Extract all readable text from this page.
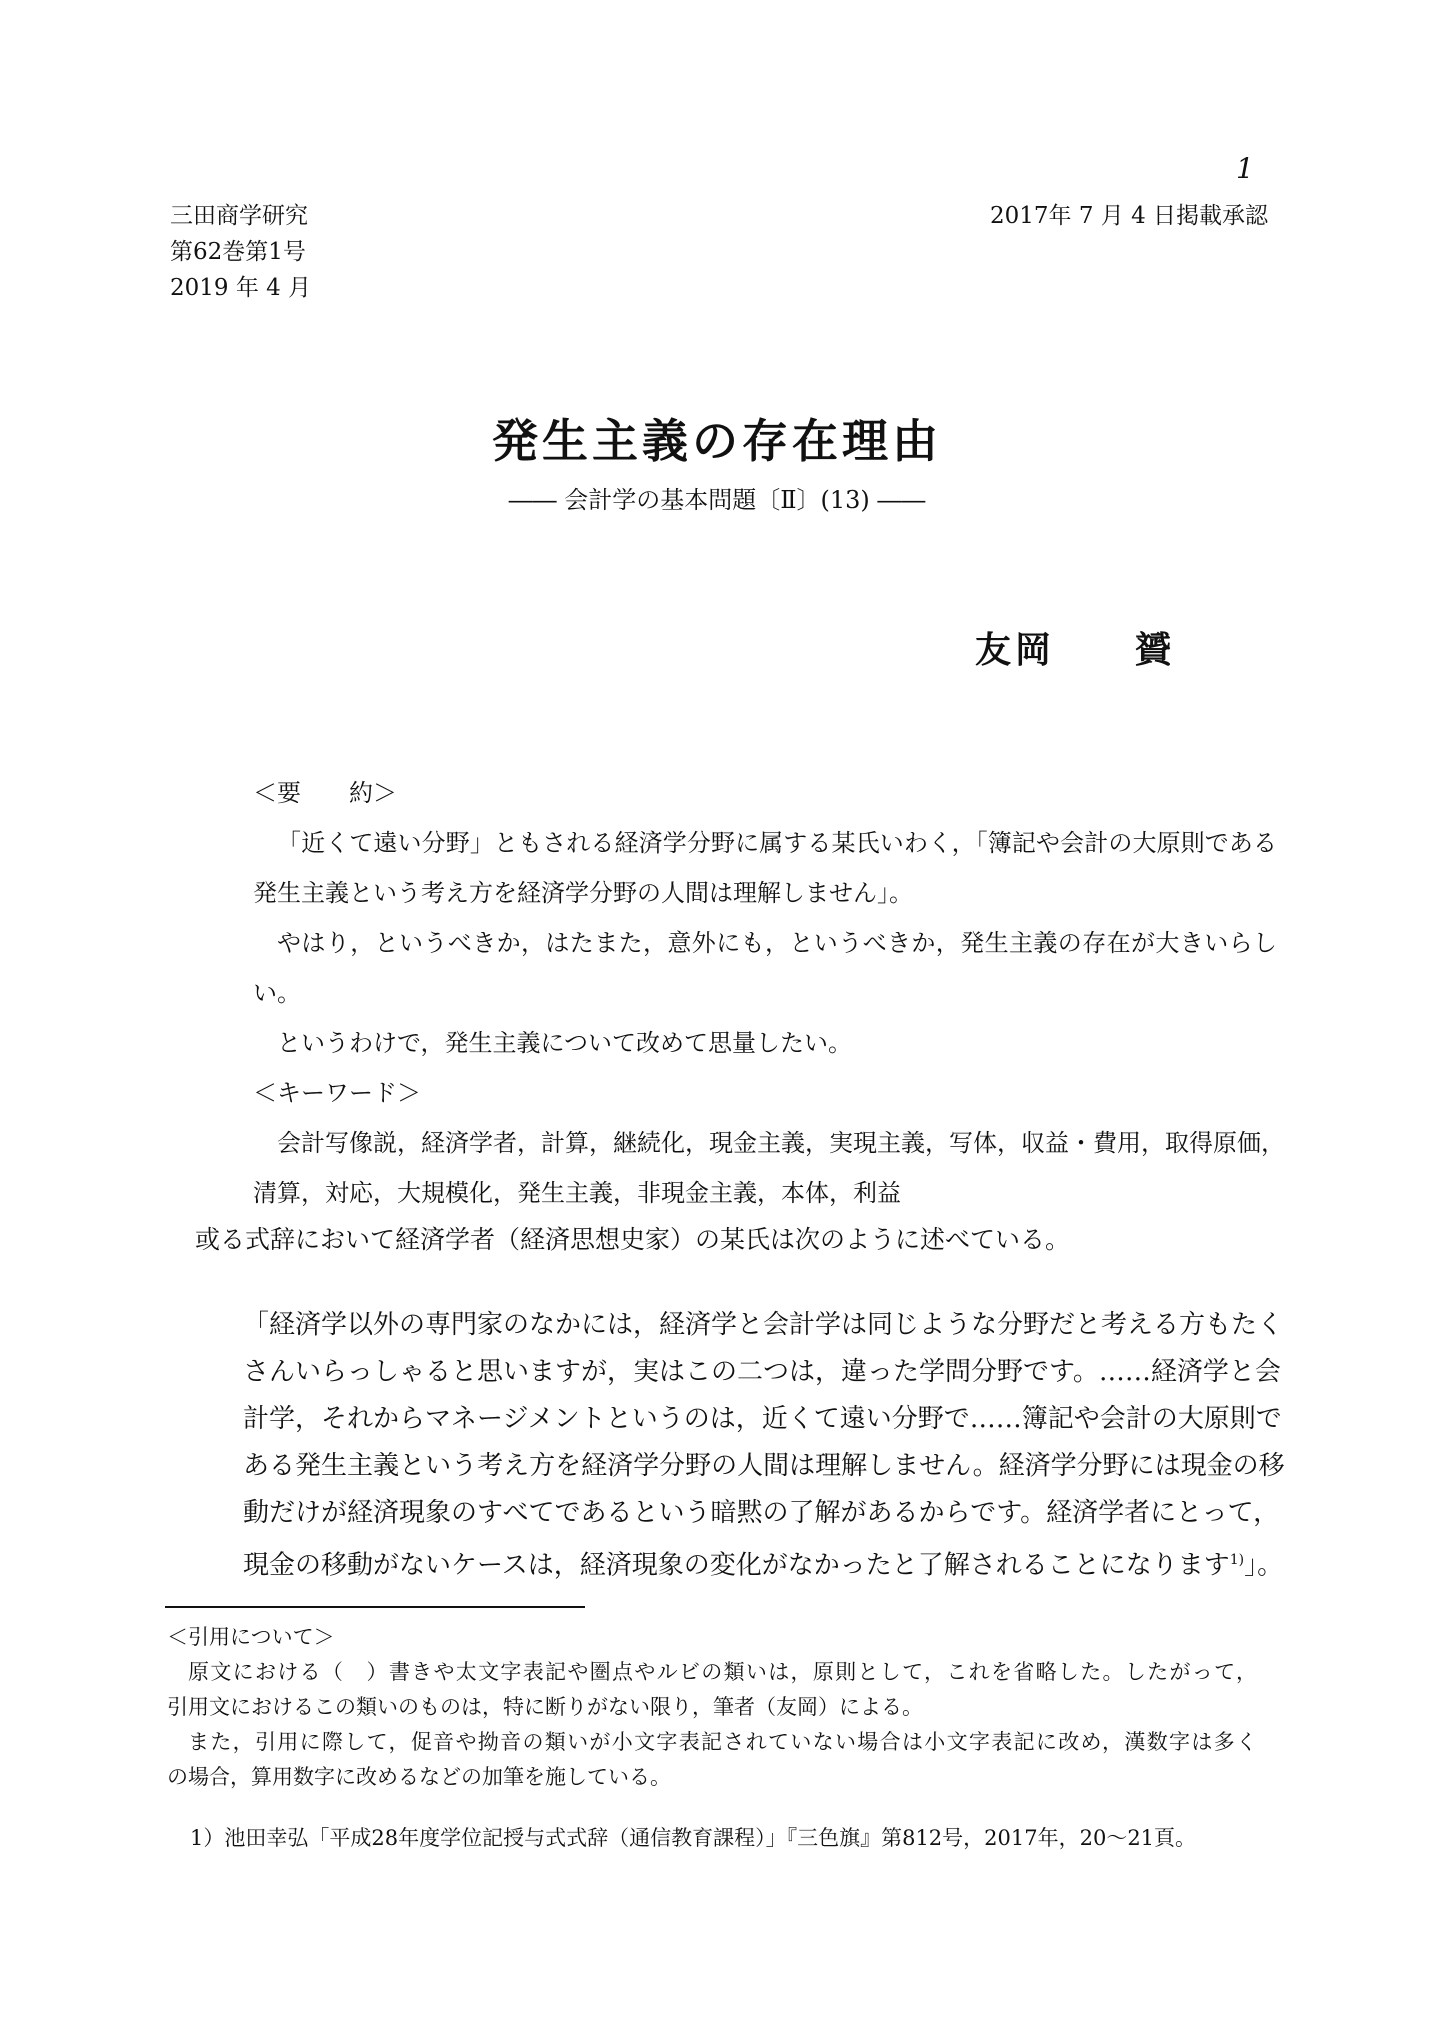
1
三田商学研究
第62巻第1号
2019 年 4 月
2017年 7 月 4 日掲載承認
発生主義の存在理由
―― 会計学の基本問題〔Ⅱ〕(13) ――
友岡　　贇
＜要　　約＞
「近くて遠い分野」ともされる経済学分野に属する某氏いわく，「簿記や会計の大原則である
発生主義という考え方を経済学分野の人間は理解しません」。
やはり，というべきか，はたまた，意外にも，というべきか，発生主義の存在が大きいらし
い。
というわけで，発生主義について改めて思量したい。
＜キーワード＞
会計写像説，経済学者，計算，継続化，現金主義，実現主義，写体，収益・費用，取得原価，
清算，対応，大規模化，発生主義，非現金主義，本体，利益
或る式辞において経済学者（経済思想史家）の某氏は次のように述べている。
「経済学以外の専門家のなかには，経済学と会計学は同じような分野だと考える方もたく
さんいらっしゃると思いますが，実はこの二つは，違った学問分野です。……経済学と会
計学，それからマネージメントというのは，近くて遠い分野で……簿記や会計の・ 大・ 原・ 則で
ある・ 発・ 生・ 主・ 義という考え方を経済学分野の人間は理解しません。経済学分野には現金の移
動だけが経済現象のすべてであるという暗黙の了解があるからです。経済学者にとって，
現金の移動がないケースは，経済現象の変化がなかったと了解されることになります$^{1)}$」。
＜引用について＞
原文における（　）書きや太文字表記や圏点やルビの類いは，原則として，これを省略した。したがって，
引用文におけるこの類いのものは，特に断りがない限り，筆者（友岡）による。
また，引用に際して，促音や拗音の類いが小文字表記されていない場合は小文字表記に改め，漢数字は多く
の場合，算用数字に改めるなどの加筆を施している。
1）池田幸弘「平成28年度学位記授与式式辞（通信教育課程）」『三色旗』第812号，2017年，20～21頁。
